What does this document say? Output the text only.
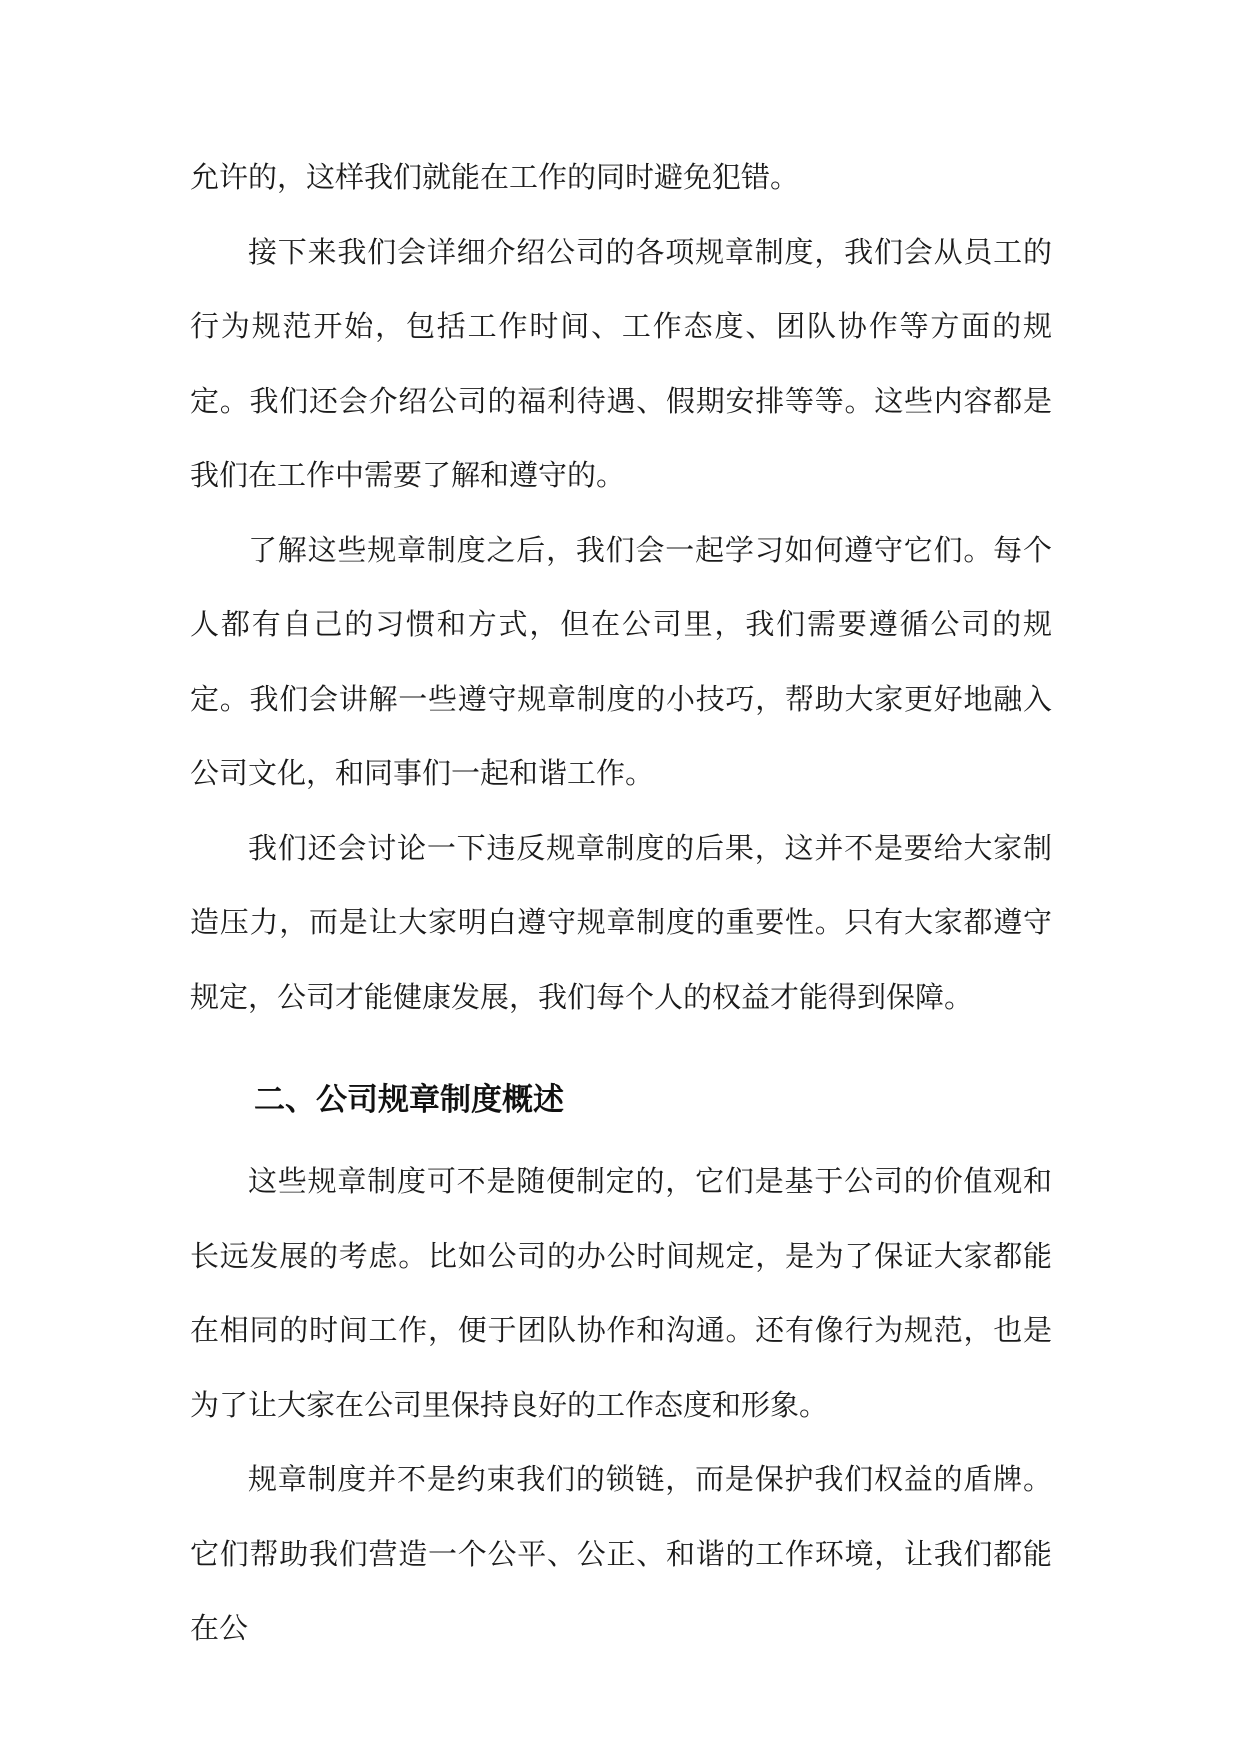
允许的，这样我们就能在工作的同时避免犯错。

接下来我们会详细介绍公司的各项规章制度，我们会从员工的行为规范开始，包括工作时间、工作态度、团队协作等方面的规定。我们还会介绍公司的福利待遇、假期安排等等。这些内容都是我们在工作中需要了解和遵守的。

了解这些规章制度之后，我们会一起学习如何遵守它们。每个人都有自己的习惯和方式，但在公司里，我们需要遵循公司的规定。我们会讲解一些遵守规章制度的小技巧，帮助大家更好地融入公司文化，和同事们一起和谐工作。

我们还会讨论一下违反规章制度的后果，这并不是要给大家制造压力，而是让大家明白遵守规章制度的重要性。只有大家都遵守规定，公司才能健康发展，我们每个人的权益才能得到保障。

二、公司规章制度概述

这些规章制度可不是随便制定的，它们是基于公司的价值观和长远发展的考虑。比如公司的办公时间规定，是为了保证大家都能在相同的时间工作，便于团队协作和沟通。还有像行为规范，也是为了让大家在公司里保持良好的工作态度和形象。

规章制度并不是约束我们的锁链，而是保护我们权益的盾牌。它们帮助我们营造一个公平、公正、和谐的工作环境，让我们都能在公
